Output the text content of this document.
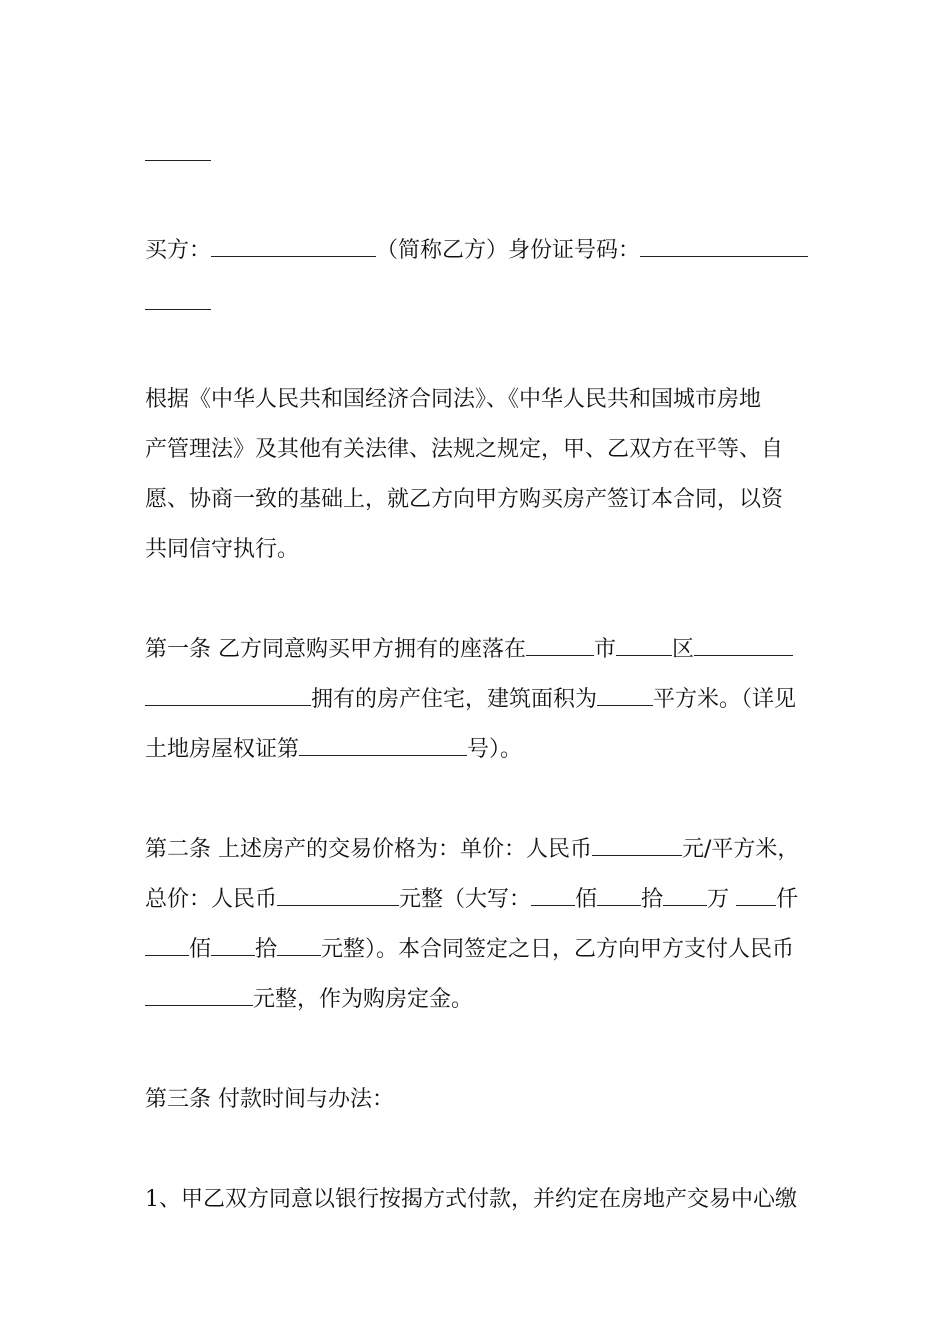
买方：	（简称乙方）身份证号码：
根据《中华人民共和国经济合同法》、《中华人民共和国城市房地
产管理法》及其他有关法律、法规之规定，甲、乙双方在平等、自
愿、协商一致的基础上，就乙方向甲方购买房产签订本合同，以资
共同信守执行。
第一条 乙方同意购买甲方拥有的座落在	市	区
拥有的房产住宅，建筑面积为	平方米。（详见
土地房屋权证第	号）。
第二条 上述房产的交易价格为：单价：人民币	元/平方米，
总价：人民币	元整（大写： 佰 拾 万 仟
佰 拾 元整）。本合同签定之日，乙方向甲方支付人民币
元整，作为购房定金。
第三条 付款时间与办法：
1、甲乙双方同意以银行按揭方式付款，并约定在房地产交易中心缴
